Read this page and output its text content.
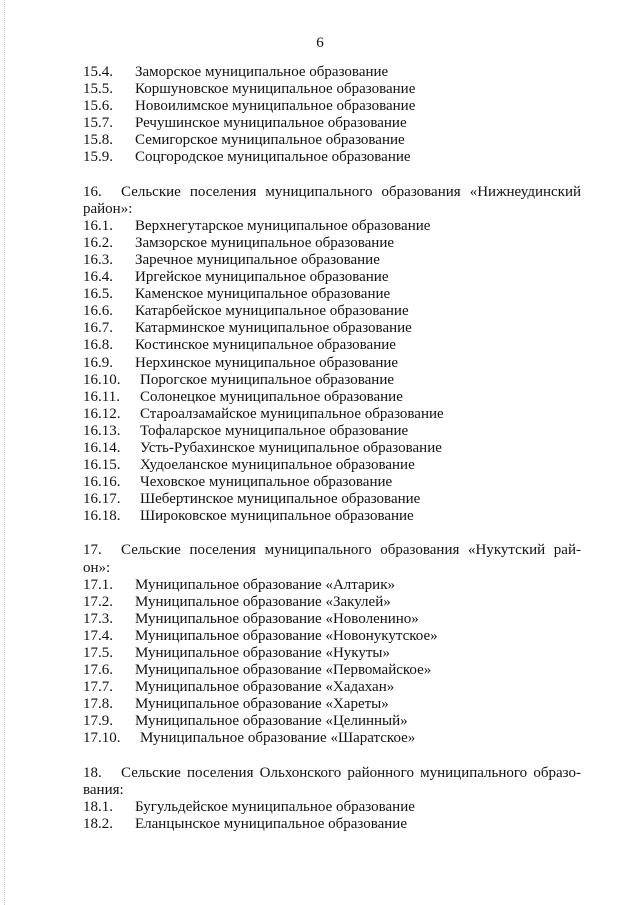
6
15.4. Заморское муниципальное образование
15.5. Коршуновское муниципальное образование
15.6. Новоилимское муниципальное образование
15.7. Речушинское муниципальное образование
15.8. Семигорское муниципальное образование
15.9. Соцгородское муниципальное образование
16. Сельские поселения муниципального образования «Нижнеудинский район»:
16.1. Верхнегутарское муниципальное образование
16.2. Замзорское муниципальное образование
16.3. Заречное муниципальное образование
16.4. Иргейское муниципальное образование
16.5. Каменское муниципальное образование
16.6. Катарбейское муниципальное образование
16.7. Катарминское муниципальное образование
16.8. Костинское муниципальное образование
16.9. Нерхинское муниципальное образование
16.10. Порогское муниципальное образование
16.11. Солонецкое муниципальное образование
16.12. Староалзамайское муниципальное образование
16.13. Тофаларское муниципальное образование
16.14. Усть-Рубахинское муниципальное образование
16.15. Худоеланское муниципальное образование
16.16. Чеховское муниципальное образование
16.17. Шебертинское муниципальное образование
16.18. Широковское муниципальное образование
17. Сельские поселения муниципального образования «Нукутский рай-он»:
17.1. Муниципальное образование «Алтарик»
17.2. Муниципальное образование «Закулей»
17.3. Муниципальное образование «Новоленино»
17.4. Муниципальное образование «Новонукутское»
17.5. Муниципальное образование «Нукуты»
17.6. Муниципальное образование «Первомайское»
17.7. Муниципальное образование «Хадахан»
17.8. Муниципальное образование «Хареты»
17.9. Муниципальное образование «Целинный»
17.10. Муниципальное образование «Шаратское»
18. Сельские поселения Ольхонского районного муниципального образо-вания:
18.1. Бугульдейское муниципальное образование
18.2. Еланцынское муниципальное образование
